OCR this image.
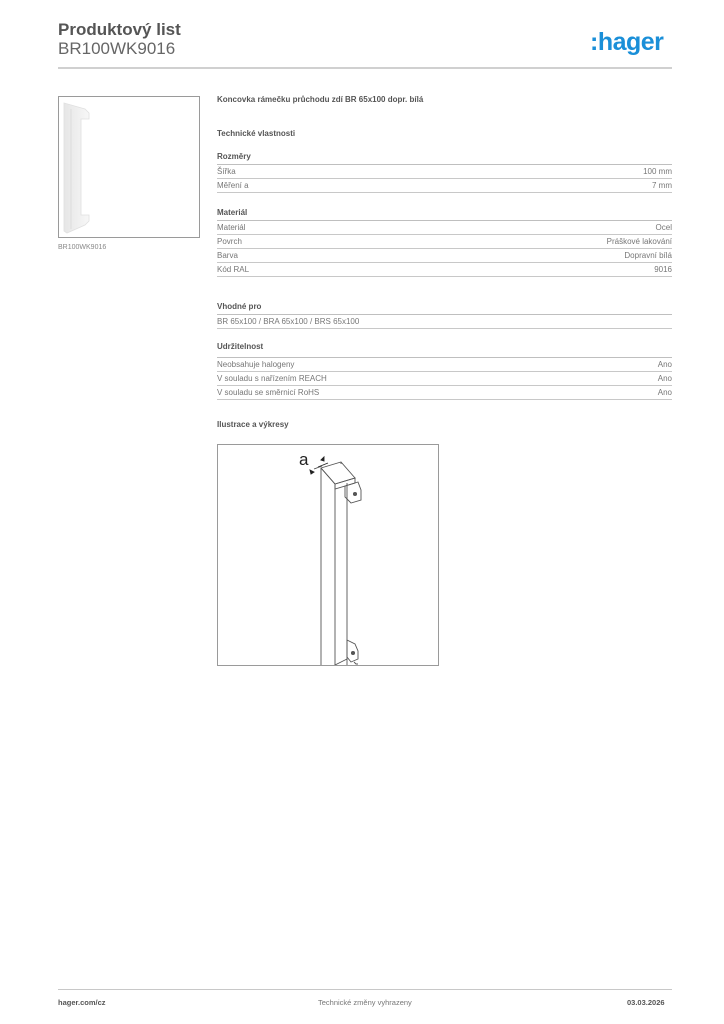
Produktový list
BR100WK9016	:hager
BR100WK9016
Koncovka rámečku průchodu zdí BR 65x100 dopr. bílá
Technické vlastnosti
Rozměry
Šířka	100 mm
Měření a	7 mm
Materiál
Materiál	Ocel
Povrch	Práškové lakování
Barva	Dopravní bílá
Kód RAL	9016
Vhodné pro
BR 65x100 / BRA 65x100 / BRS 65x100
Udržitelnost
Neobsahuje halogeny	Ano
V souladu s nařízením REACH	Ano
V souladu se směrnicí RoHS	Ano
Ilustrace a výkresy
a
hager.com/cz	Technické změny vyhrazeny	03.03.2026
